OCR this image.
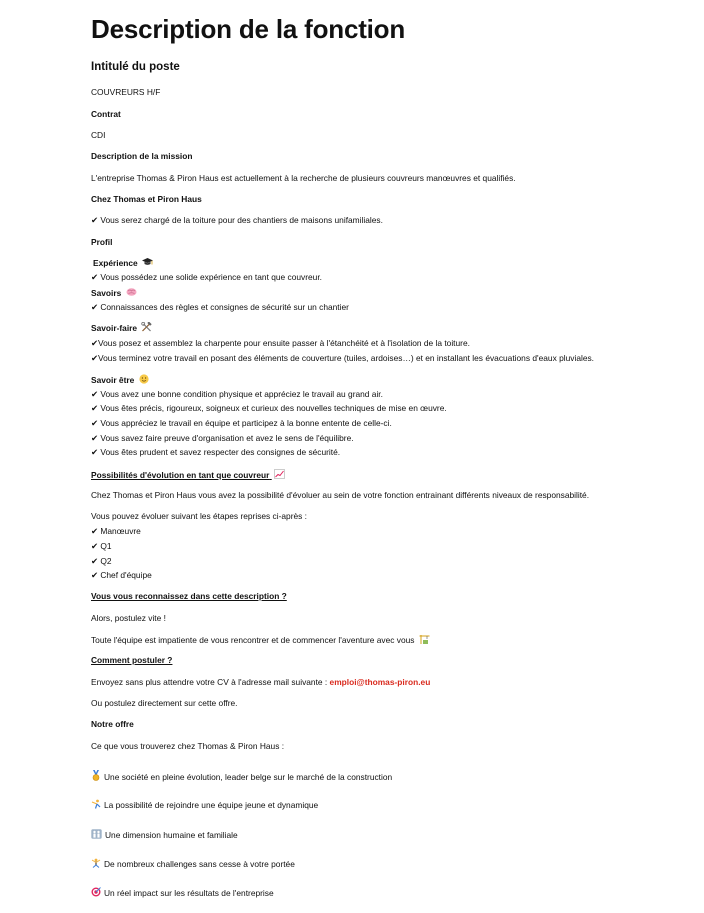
Description de la fonction
Intitulé du poste
COUVREURS H/F
Contrat
CDI
Description de la mission
L'entreprise Thomas & Piron Haus est actuellement à la recherche de plusieurs couvreurs manœuvres et qualifiés.
Chez Thomas et Piron Haus
✔ Vous serez chargé de la toiture pour des chantiers de maisons unifamiliales.
Profil
Expérience
✔ Vous possédez une solide expérience en tant que couvreur.
Savoirs
✔ Connaissances des règles et consignes de sécurité sur un chantier
Savoir-faire
✔Vous posez et assemblez la charpente pour ensuite passer à l'étanchéité et à l'isolation de la toiture.
✔Vous terminez votre travail en posant des éléments de couverture (tuiles, ardoises…) et en installant les évacuations d'eaux pluviales.
Savoir être
✔ Vous avez une bonne condition physique et appréciez le travail au grand air.
✔ Vous êtes précis, rigoureux, soigneux et curieux des nouvelles techniques de mise en œuvre.
✔ Vous appréciez le travail en équipe et participez à la bonne entente de celle-ci.
✔ Vous savez faire preuve d'organisation et avez le sens de l'équilibre.
✔ Vous êtes prudent et savez respecter des consignes de sécurité.
Possibilités d'évolution en tant que couvreur
Chez Thomas et Piron Haus vous avez la possibilité d'évoluer au sein de votre fonction entrainant différents niveaux de responsabilité.
Vous pouvez évoluer suivant les étapes reprises ci-après :
✔ Manœuvre
✔ Q1
✔ Q2
✔ Chef d'équipe
Vous vous reconnaissez dans cette description ?
Alors, postulez vite !
Toute l'équipe est impatiente de vous rencontrer et de commencer l'aventure avec vous
Comment postuler ?
Envoyez sans plus attendre votre CV à l'adresse mail suivante : emploi@thomas-piron.eu
Ou postulez directement sur cette offre.
Notre offre
Ce que vous trouverez chez Thomas & Piron Haus :
Une société en pleine évolution, leader belge sur le marché de la construction
La possibilité de rejoindre une équipe jeune et dynamique
Une dimension humaine et familiale
De nombreux challenges sans cesse à votre portée
Un réel impact sur les résultats de l'entreprise
